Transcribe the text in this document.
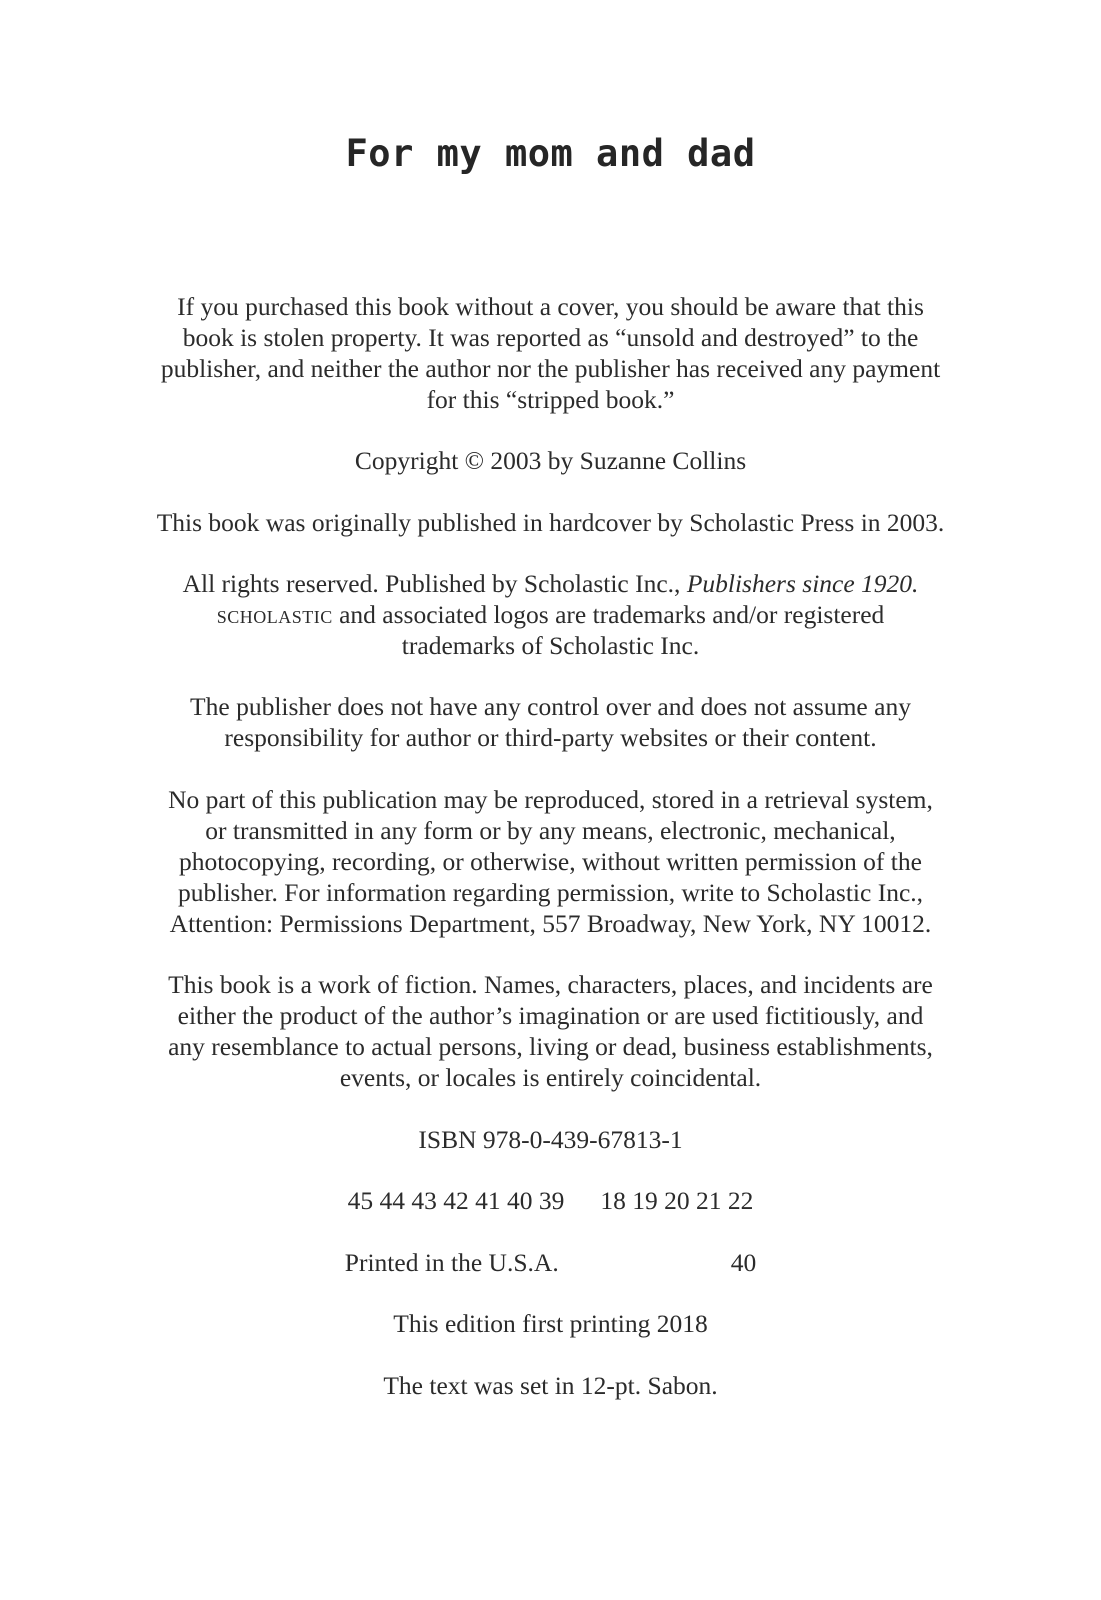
For my mom and dad
If you purchased this book without a cover, you should be aware that this
book is stolen property. It was reported as “unsold and destroyed” to the
publisher, and neither the author nor the publisher has received any payment
for this “stripped book.”
Copyright © 2003 by Suzanne Collins
This book was originally published in hardcover by Scholastic Press in 2003.
All rights reserved. Published by Scholastic Inc., Publishers since 1920.
scholastic and associated logos are trademarks and/or registered
trademarks of Scholastic Inc.
The publisher does not have any control over and does not assume any
responsibility for author or third-party websites or their content.
No part of this publication may be reproduced, stored in a retrieval system,
or transmitted in any form or by any means, electronic, mechanical,
photocopying, recording, or otherwise, without written permission of the
publisher. For information regarding permission, write to Scholastic Inc.,
Attention: Permissions Department, 557 Broadway, New York, NY 10012.
This book is a work of fiction. Names, characters, places, and incidents are
either the product of the author’s imagination or are used fictitiously, and
any resemblance to actual persons, living or dead, business establishments,
events, or locales is entirely coincidental.
ISBN 978-0-439-67813-1
45 44 43 42 41 40 39 18 19 20 21 22
Printed in the U.S.A.	40
This edition first printing 2018
The text was set in 12-pt. Sabon.
